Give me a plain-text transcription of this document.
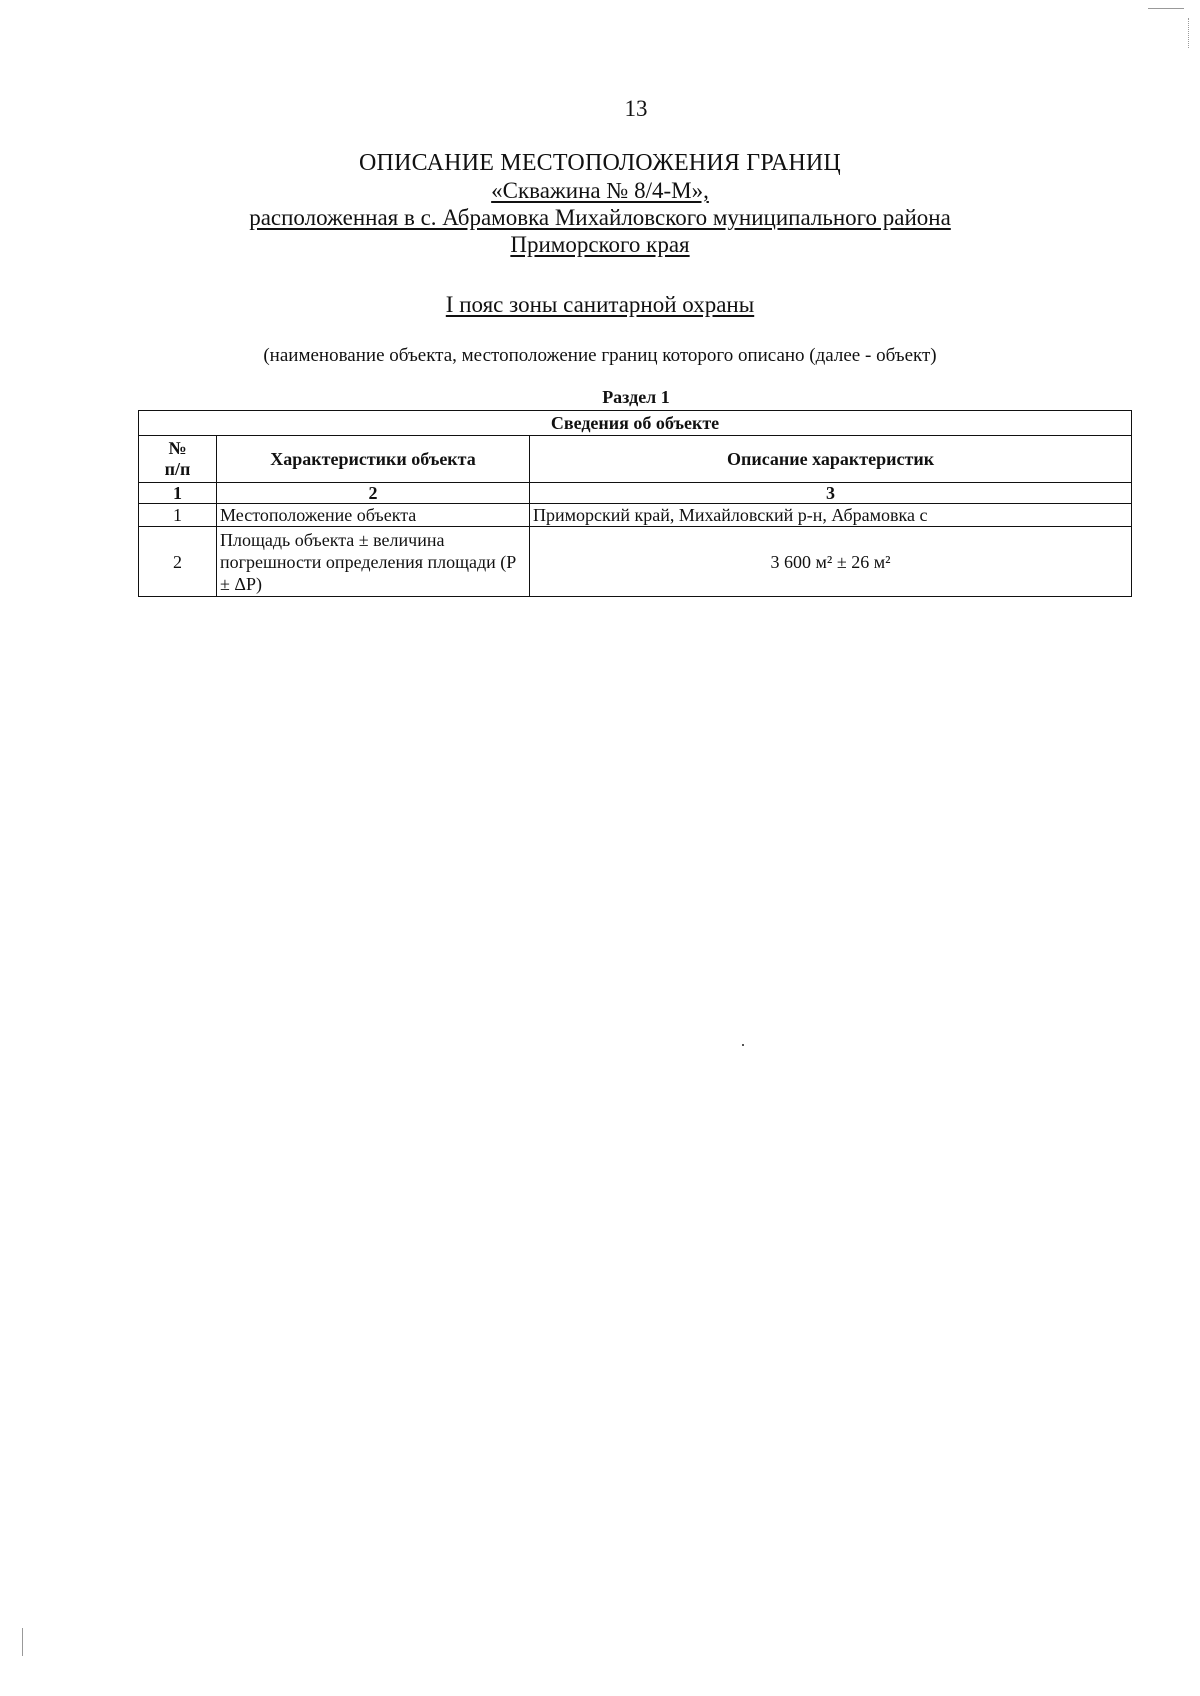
13
ОПИСАНИЕ МЕСТОПОЛОЖЕНИЯ ГРАНИЦ
«Скважина № 8/4-М»,
расположенная в с. Абрамовка Михайловского муниципального района
Приморского края
I пояс зоны санитарной охраны
(наименование объекта, местоположение границ которого описано (далее - объект)
Раздел 1
Сведения об объекте		
№
п/п	Характеристики объекта	Описание характеристик
1	2	3
1	Местоположение объекта	Приморский край, Михайловский р-н, Абрамовка с
2	Площадь объекта ± величина погрешности определения площади (Р ± ΔР)	3 600 м² ± 26 м²
